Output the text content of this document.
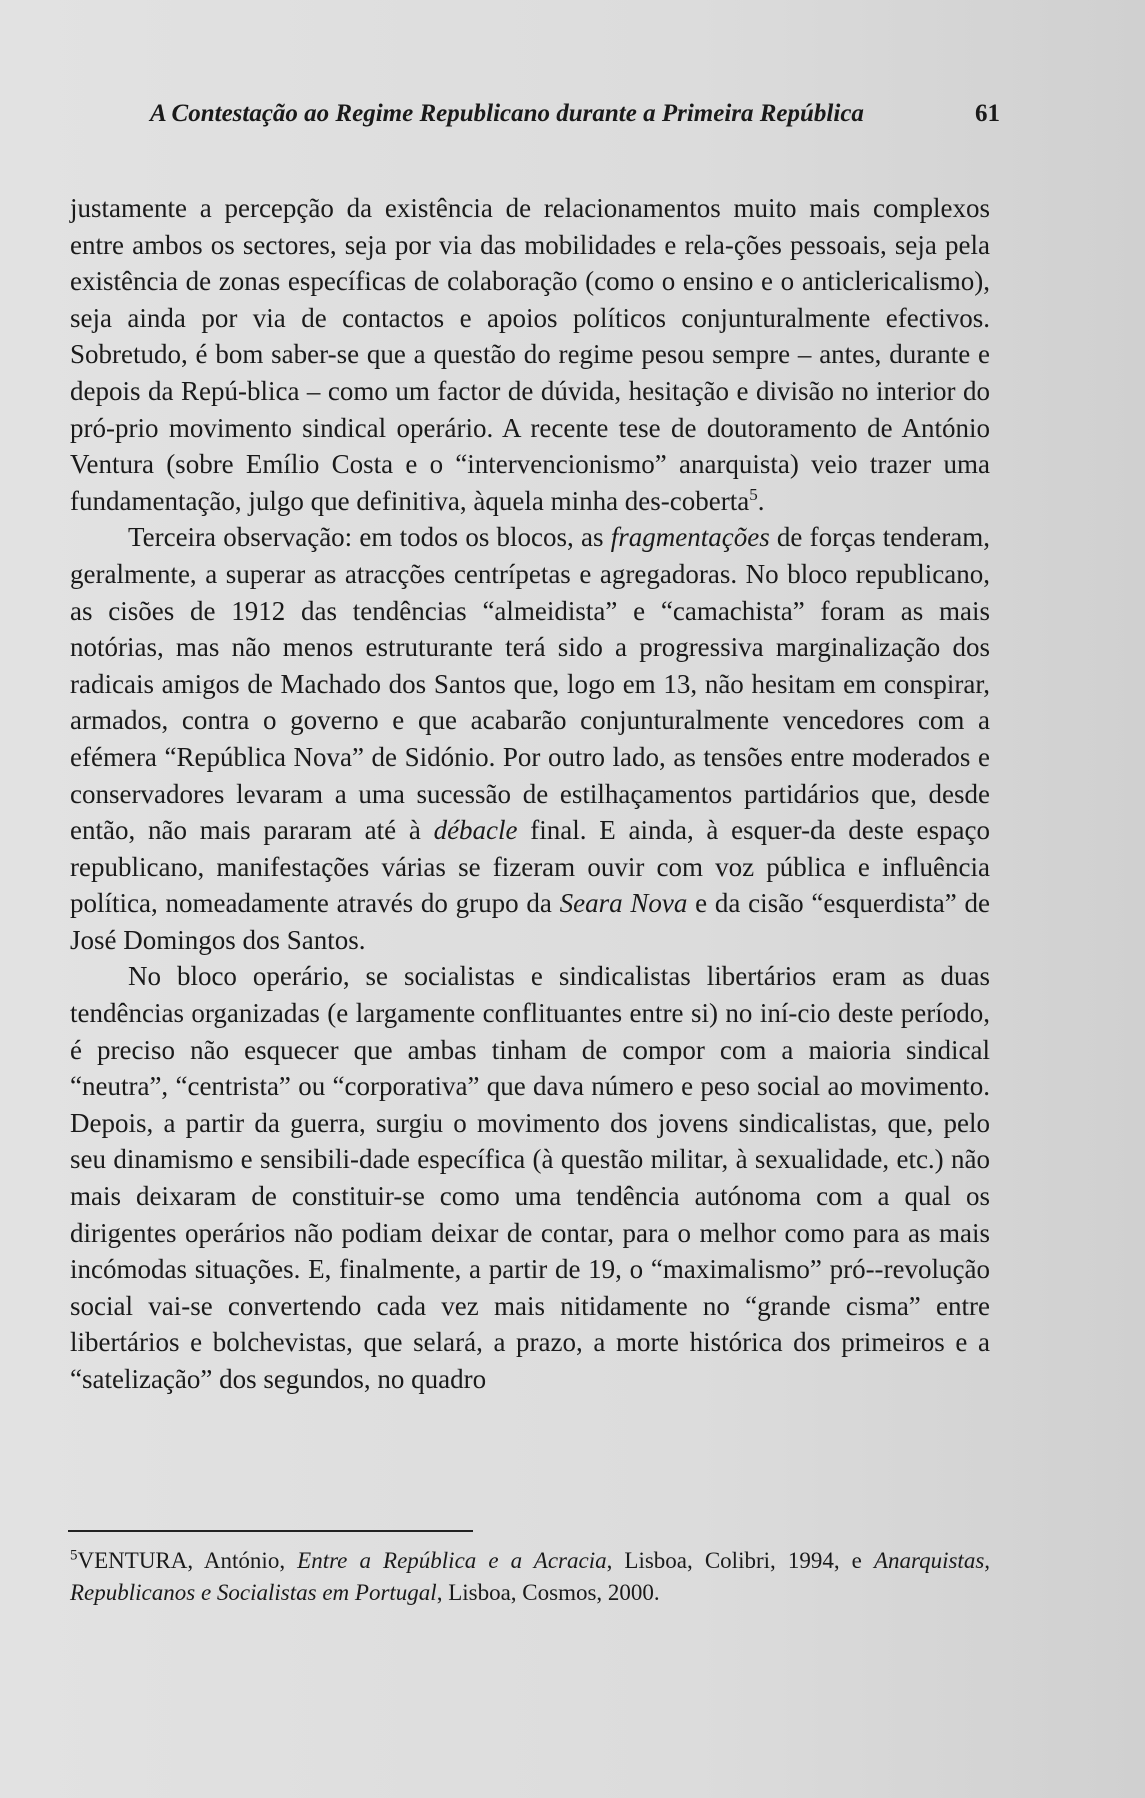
A Contestação ao Regime Republicano durante a Primeira República	61

justamente a percepção da existência de relacionamentos muito mais complexos entre ambos os sectores, seja por via das mobilidades e rela-ções pessoais, seja pela existência de zonas específicas de colaboração (como o ensino e o anticlericalismo), seja ainda por via de contactos e apoios políticos conjunturalmente efectivos. Sobretudo, é bom saber-se que a questão do regime pesou sempre – antes, durante e depois da Repú-blica – como um factor de dúvida, hesitação e divisão no interior do pró-prio movimento sindical operário. A recente tese de doutoramento de António Ventura (sobre Emílio Costa e o “intervencionismo” anarquista) veio trazer uma fundamentação, julgo que definitiva, àquela minha des-coberta$^5$.

Terceira observação: em todos os blocos, as fragmentações de forças tenderam, geralmente, a superar as atracções centrípetas e agregadoras. No bloco republicano, as cisões de 1912 das tendências “almeidista” e “camachista” foram as mais notórias, mas não menos estruturante terá sido a progressiva marginalização dos radicais amigos de Machado dos Santos que, logo em 13, não hesitam em conspirar, armados, contra o governo e que acabarão conjunturalmente vencedores com a efémera “República Nova” de Sidónio. Por outro lado, as tensões entre moderados e conservadores levaram a uma sucessão de estilhaçamentos partidários que, desde então, não mais pararam até à débacle final. E ainda, à esquer-da deste espaço republicano, manifestações várias se fizeram ouvir com voz pública e influência política, nomeadamente através do grupo da Seara Nova e da cisão “esquerdista” de José Domingos dos Santos.

No bloco operário, se socialistas e sindicalistas libertários eram as duas tendências organizadas (e largamente conflituantes entre si) no iní-cio deste período, é preciso não esquecer que ambas tinham de compor com a maioria sindical “neutra”, “centrista” ou “corporativa” que dava número e peso social ao movimento. Depois, a partir da guerra, surgiu o movimento dos jovens sindicalistas, que, pelo seu dinamismo e sensibili-dade específica (à questão militar, à sexualidade, etc.) não mais deixaram de constituir-se como uma tendência autónoma com a qual os dirigentes operários não podiam deixar de contar, para o melhor como para as mais incómodas situações. E, finalmente, a partir de 19, o “maximalismo” pró--revolução social vai-se convertendo cada vez mais nitidamente no “grande cisma” entre libertários e bolchevistas, que selará, a prazo, a morte histórica dos primeiros e a “satelização” dos segundos, no quadro

$^5$VENTURA, António, Entre a República e a Acracia, Lisboa, Colibri, 1994, e Anarquistas, Republicanos e Socialistas em Portugal, Lisboa, Cosmos, 2000.
